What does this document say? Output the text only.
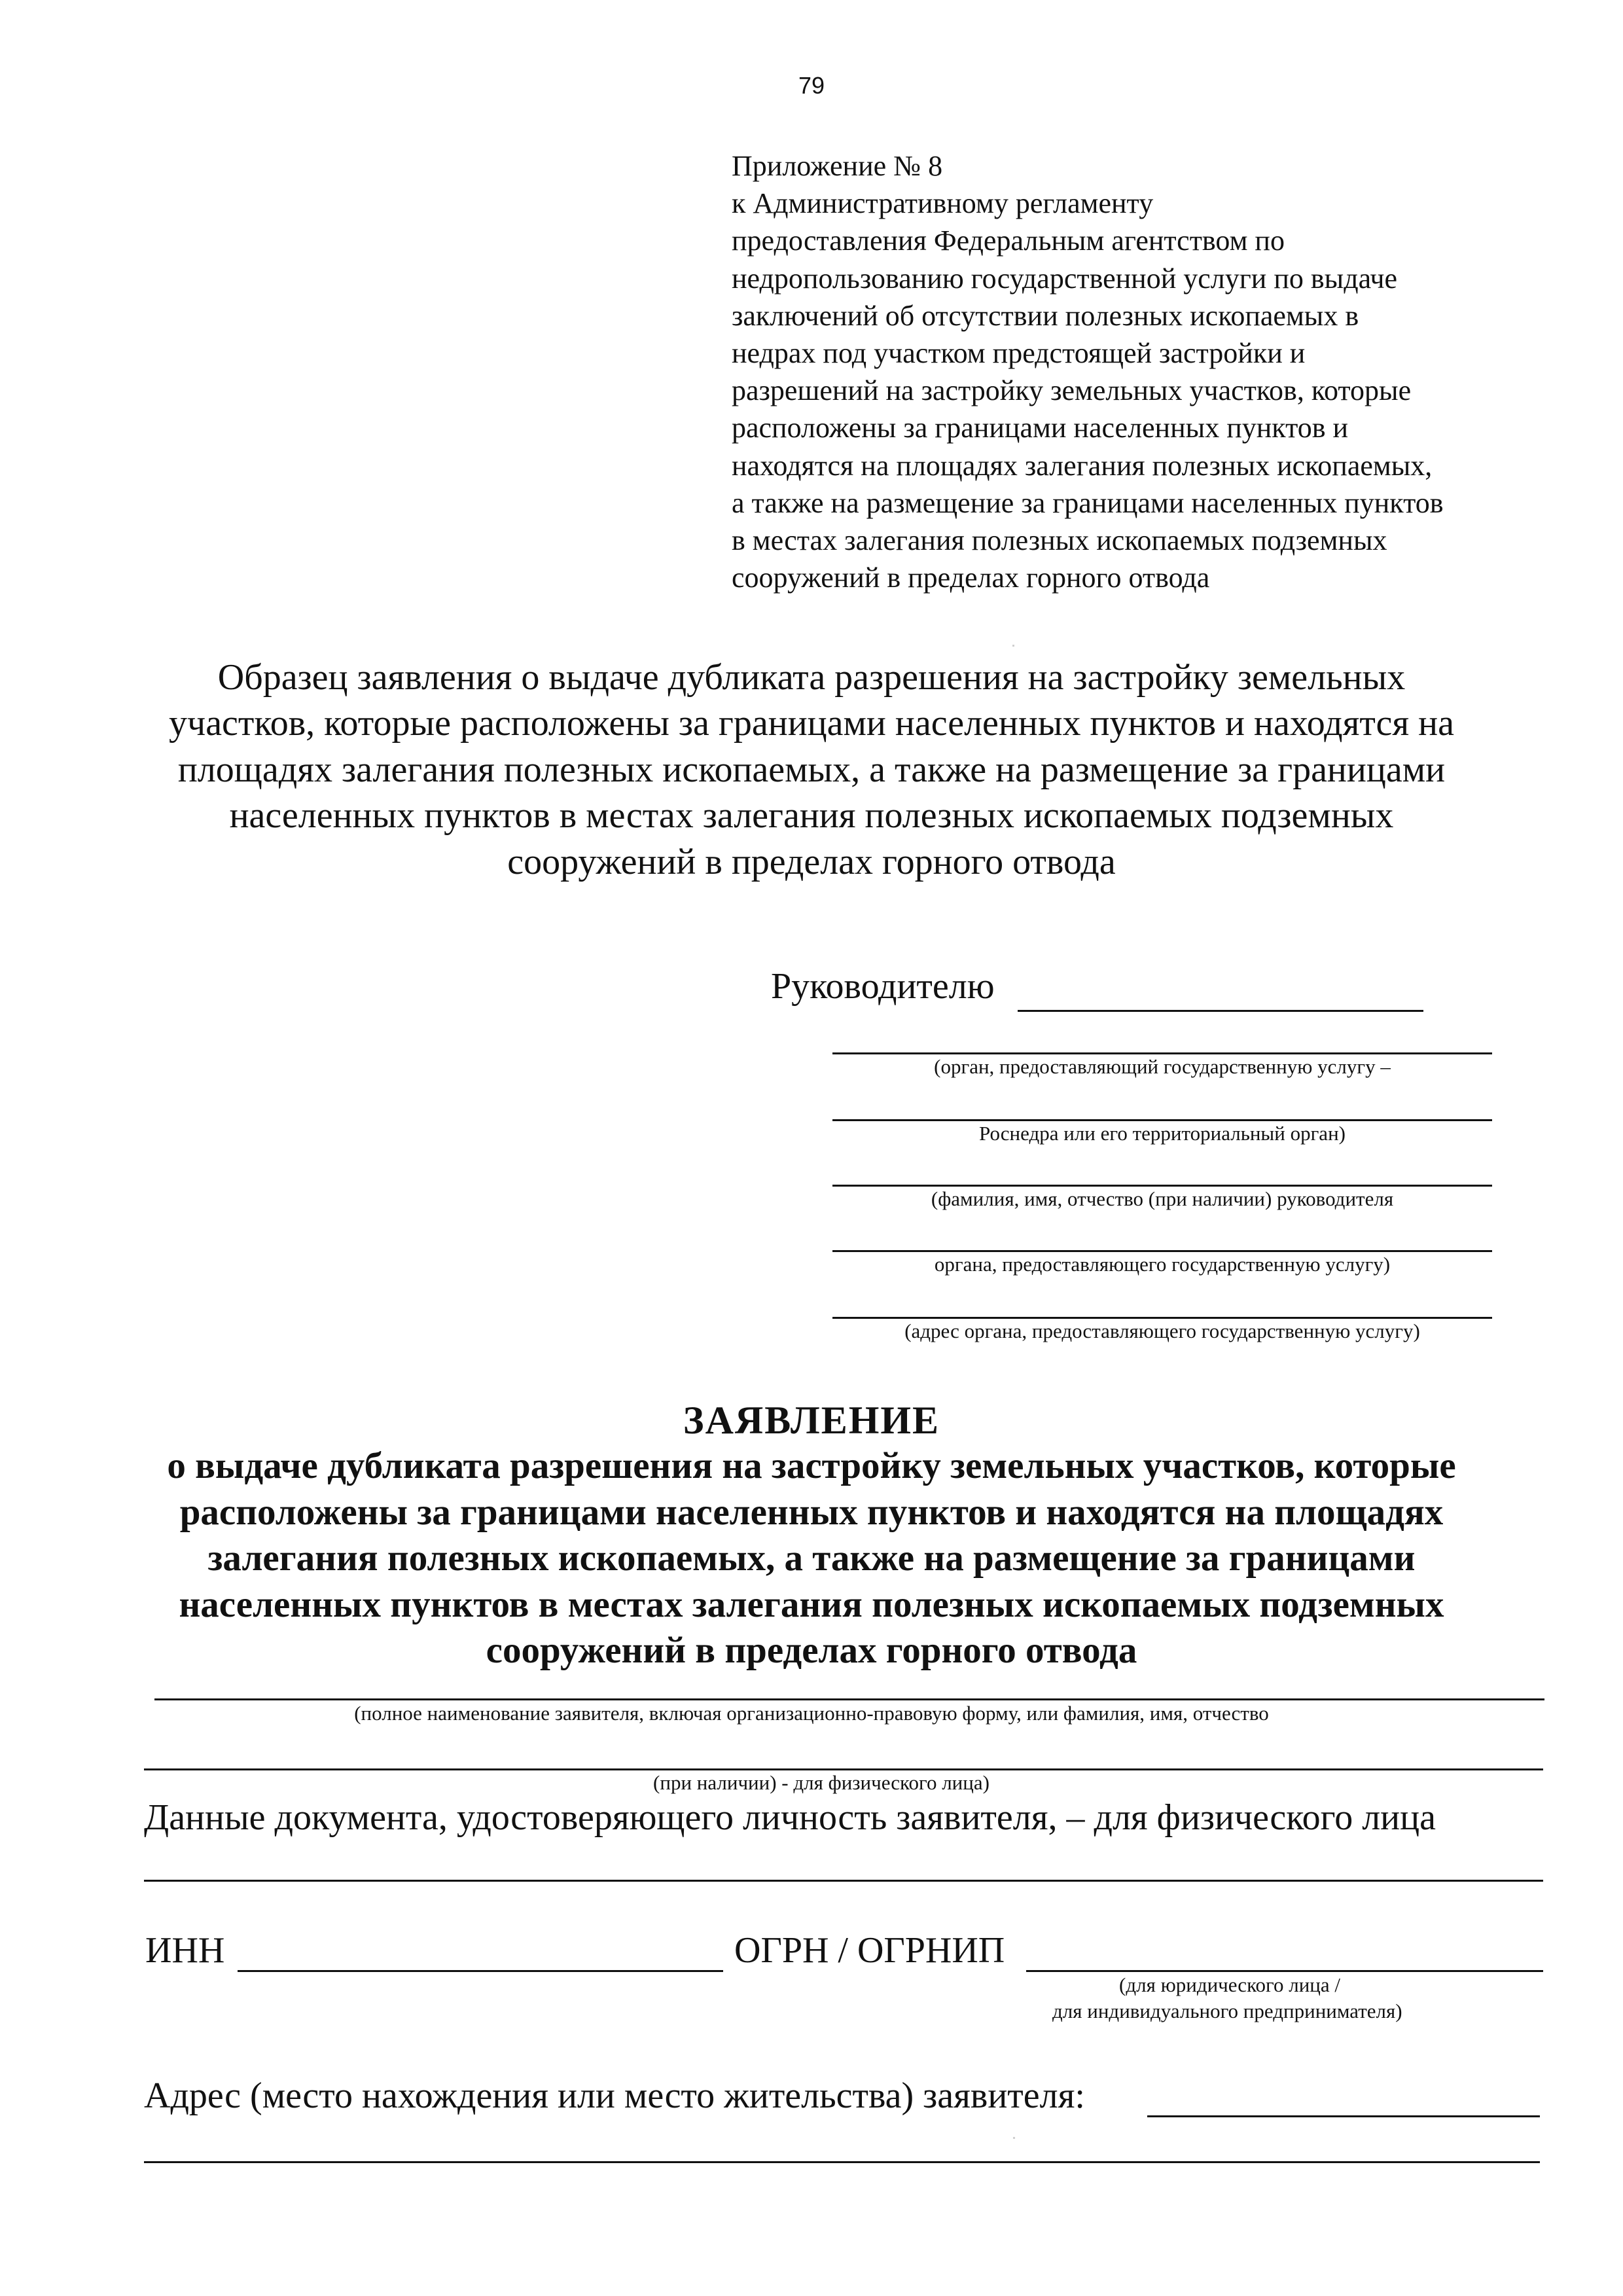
79
Приложение № 8
к Административному регламенту
предоставления Федеральным агентством по
недропользованию государственной услуги по выдаче
заключений об отсутствии полезных ископаемых в
недрах под участком предстоящей застройки и
разрешений на застройку земельных участков, которые
расположены за границами населенных пунктов и
находятся на площадях залегания полезных ископаемых,
а также на размещение за границами населенных пунктов
в местах залегания полезных ископаемых подземных
сооружений в пределах горного отвода
Образец заявления о выдаче дубликата разрешения на застройку земельных
участков, которые расположены за границами населенных пунктов и находятся на
площадях залегания полезных ископаемых, а также на размещение за границами
населенных пунктов в местах залегания полезных ископаемых подземных
сооружений в пределах горного отвода
Руководителю
(орган, предоставляющий государственную услугу –
Роснедра или его территориальный орган)
(фамилия, имя, отчество (при наличии) руководителя
органа, предоставляющего государственную услугу)
(адрес органа, предоставляющего государственную услугу)
ЗАЯВЛЕНИЕ
о выдаче дубликата разрешения на застройку земельных участков, которые
расположены за границами населенных пунктов и находятся на площадях
залегания полезных ископаемых, а также на размещение за границами
населенных пунктов в местах залегания полезных ископаемых подземных
сооружений в пределах горного отвода
(полное наименование заявителя, включая организационно-правовую форму, или фамилия, имя, отчество
(при наличии) - для физического лица)
Данные документа, удостоверяющего личность заявителя, – для физического лица
ИНН	ОГРН / ОГРНИП
(для юридического лица /
для индивидуального предпринимателя)
Адрес (место нахождения или место жительства) заявителя:
